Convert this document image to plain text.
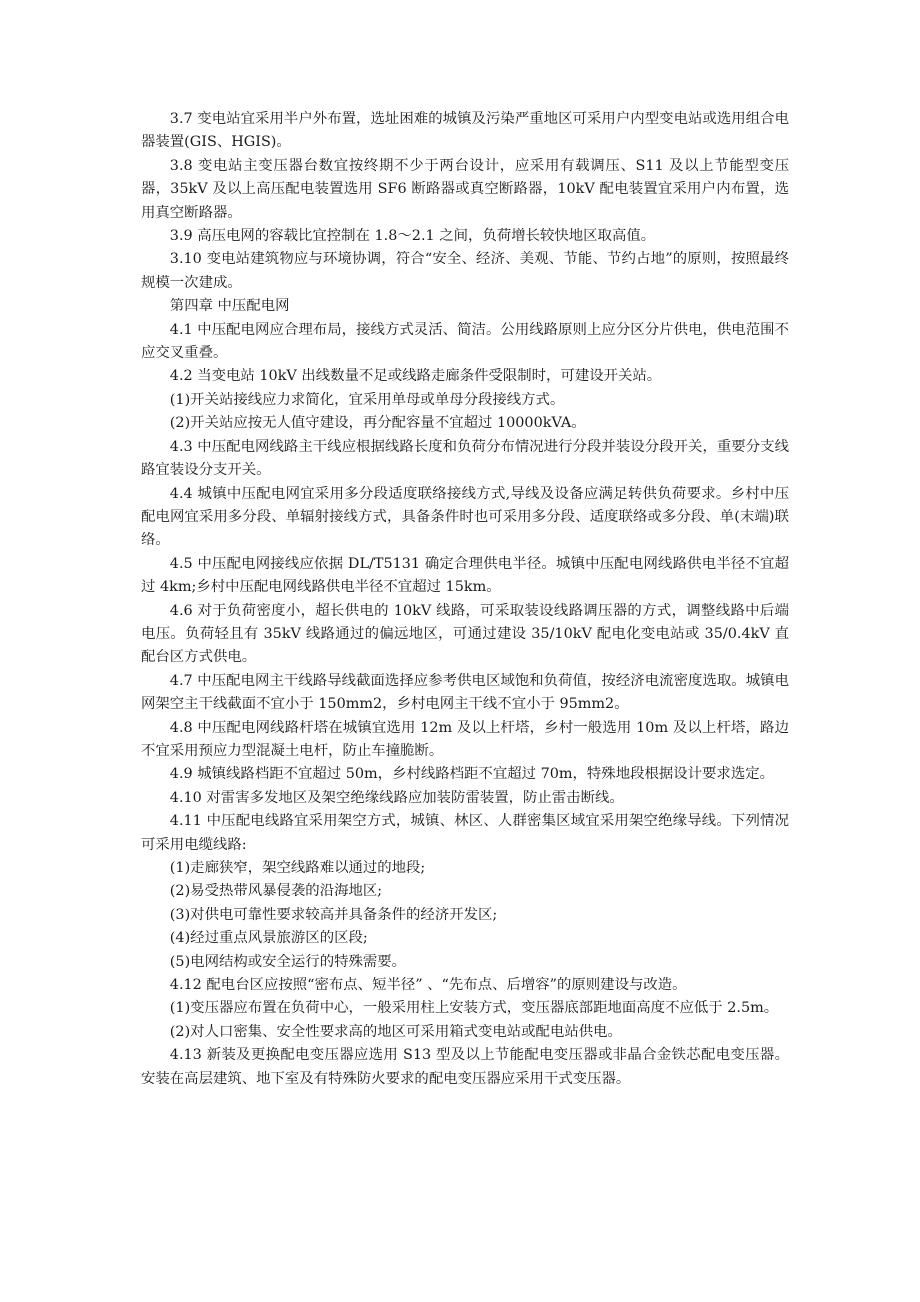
3.7 变电站宜采用半户外布置，选址困难的城镇及污染严重地区可采用户内型变电站或选用组合电器装置(GIS、HGIS)。

3.8 变电站主变压器台数宜按终期不少于两台设计，应采用有载调压、S11 及以上节能型变压器，35kV 及以上高压配电装置选用 SF6 断路器或真空断路器，10kV 配电装置宜采用户内布置，选用真空断路器。

3.9 高压电网的容载比宜控制在 1.8～2.1 之间，负荷增长较快地区取高值。

3.10 变电站建筑物应与环境协调，符合“安全、经济、美观、节能、节约占地”的原则，按照最终规模一次建成。

第四章 中压配电网

4.1 中压配电网应合理布局，接线方式灵活、简洁。公用线路原则上应分区分片供电，供电范围不应交叉重叠。

4.2 当变电站 10kV 出线数量不足或线路走廊条件受限制时，可建设开关站。

(1)开关站接线应力求简化，宜采用单母或单母分段接线方式。

(2)开关站应按无人值守建设，再分配容量不宜超过 10000kVA。

4.3 中压配电网线路主干线应根据线路长度和负荷分布情况进行分段并装设分段开关，重要分支线路宜装设分支开关。

4.4 城镇中压配电网宜采用多分段适度联络接线方式,导线及设备应满足转供负荷要求。乡村中压配电网宜采用多分段、单辐射接线方式，具备条件时也可采用多分段、适度联络或多分段、单(末端)联络。

4.5 中压配电网接线应依据 DL/T5131 确定合理供电半径。城镇中压配电网线路供电半径不宜超过 4km;乡村中压配电网线路供电半径不宜超过 15km。

4.6 对于负荷密度小，超长供电的 10kV 线路，可采取装设线路调压器的方式，调整线路中后端电压。负荷轻且有 35kV 线路通过的偏远地区，可通过建设 35/10kV 配电化变电站或 35/0.4kV 直配台区方式供电。

4.7 中压配电网主干线路导线截面选择应参考供电区域饱和负荷值，按经济电流密度选取。城镇电网架空主干线截面不宜小于 150mm2，乡村电网主干线不宜小于 95mm2。

4.8 中压配电网线路杆塔在城镇宜选用 12m 及以上杆塔，乡村一般选用 10m 及以上杆塔，路边不宜采用预应力型混凝土电杆，防止车撞脆断。

4.9 城镇线路档距不宜超过 50m，乡村线路档距不宜超过 70m，特殊地段根据设计要求选定。

4.10 对雷害多发地区及架空绝缘线路应加装防雷装置，防止雷击断线。

4.11 中压配电线路宜采用架空方式，城镇、林区、人群密集区域宜采用架空绝缘导线。下列情况可采用电缆线路:

(1)走廊狭窄，架空线路难以通过的地段;

(2)易受热带风暴侵袭的沿海地区;

(3)对供电可靠性要求较高并具备条件的经济开发区;

(4)经过重点风景旅游区的区段;

(5)电网结构或安全运行的特殊需要。

4.12 配电台区应按照“密布点、短半径” 、“先布点、后增容”的原则建设与改造。

(1)变压器应布置在负荷中心，一般采用柱上安装方式，变压器底部距地面高度不应低于 2.5m。

(2)对人口密集、安全性要求高的地区可采用箱式变电站或配电站供电。

4.13 新装及更换配电变压器应选用 S13 型及以上节能配电变压器或非晶合金铁芯配电变压器。安装在高层建筑、地下室及有特殊防火要求的配电变压器应采用干式变压器。
